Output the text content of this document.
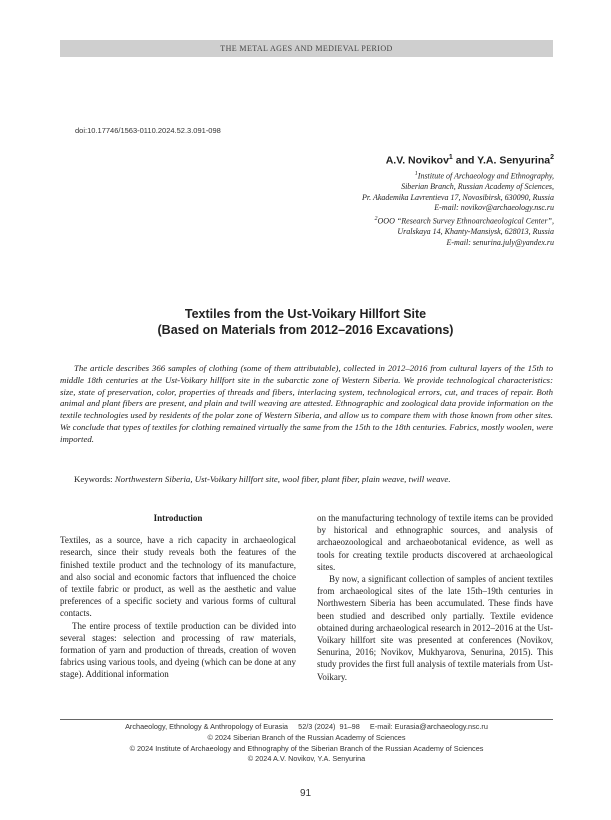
THE METAL AGES AND MEDIEVAL PERIOD
doi:10.17746/1563-0110.2024.52.3.091-098
A.V. Novikov$^1$ and Y.A. Senyurina$^2$
$^1$Institute of Archaeology and Ethnography,
Siberian Branch, Russian Academy of Sciences,
Pr. Akademika Lavrentieva 17, Novosibirsk, 630090, Russia
E-mail: novikov@archaeology.nsc.ru
$^2$OOO “Research Survey Ethnoarchaeological Center”,
Uralskaya 14, Khanty-Mansiysk, 628013, Russia
E-mail: senurina.july@yandex.ru
Textiles from the Ust-Voikary Hillfort Site
(Based on Materials from 2012–2016 Excavations)
The article describes 366 samples of clothing (some of them attributable), collected in 2012–2016 from cultural layers of the 15th to middle 18th centuries at the Ust-Voikary hillfort site in the subarctic zone of Western Siberia. We provide technological characteristics: size, state of preservation, color, properties of threads and fibers, interlacing system, technological errors, cut, and traces of repair. Both animal and plant fibers are present, and plain and twill weaving are attested. Ethnographic and zoological data provide information on the textile technologies used by residents of the polar zone of Western Siberia, and allow us to compare them with those known from other sites. We conclude that types of textiles for clothing remained virtually the same from the 15th to the 18th centuries. Fabrics, mostly woolen, were imported.
Keywords: Northwestern Siberia, Ust-Voikary hillfort site, wool fiber, plant fiber, plain weave, twill weave.
Introduction

Textiles, as a source, have a rich capacity in archaeological research, since their study reveals both the features of the finished textile product and the technology of its manufacture, and also social and economic factors that influenced the choice of textile fabric or product, as well as the aesthetic and value preferences of a specific society and various forms of cultural contacts.

The entire process of textile production can be divided into several stages: selection and processing of raw materials, formation of yarn and production of threads, creation of woven fabrics using various tools, and dyeing (which can be done at any stage). Additional information

on the manufacturing technology of textile items can be provided by historical and ethnographic sources, and analysis of archaeozoological and archaeobotanical evidence, as well as tools for creating textile products discovered at archaeological sites.

By now, a significant collection of samples of ancient textiles from archaeological sites of the late 15th–19th centuries in Northwestern Siberia has been accumulated. These finds have been studied and described only partially. Textile evidence obtained during archaeological research in 2012–2016 at the Ust-Voikary hillfort site was presented at conferences (Novikov, Senurina, 2016; Novikov, Mukhyarova, Senurina, 2015). This study provides the first full analysis of textile materials from Ust-Voikary.

Archaeology, Ethnology & Anthropology of Eurasia     52/3 (2024)  91–98     E-mail: Eurasia@archaeology.nsc.ru
© 2024 Siberian Branch of the Russian Academy of Sciences
© 2024 Institute of Archaeology and Ethnography of the Siberian Branch of the Russian Academy of Sciences
© 2024 A.V. Novikov, Y.A. Senyurina
91
